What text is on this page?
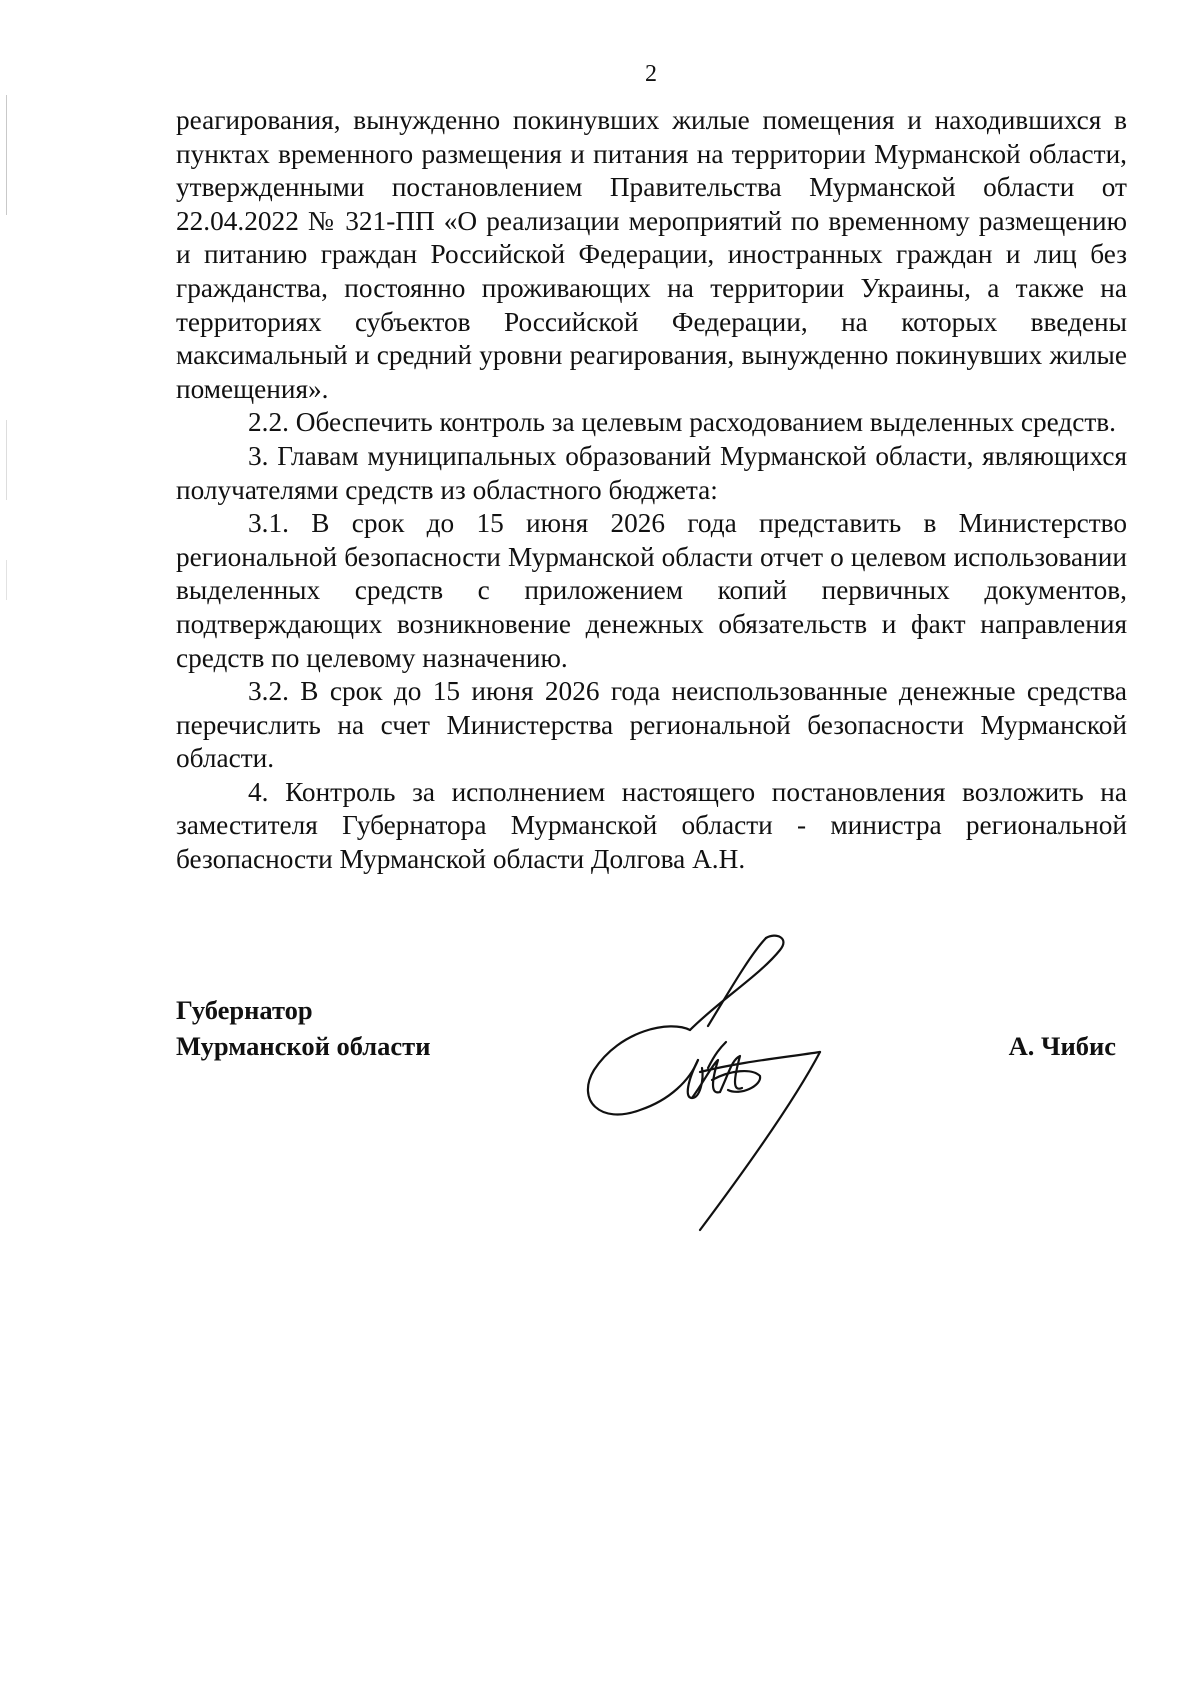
2

реагирования, вынужденно покинувших жилые помещения и находившихся в пунктах временного размещения и питания на территории Мурманской области, утвержденными постановлением Правительства Мурманской области от 22.04.2022 № 321-ПП «О реализации мероприятий по временному размещению и питанию граждан Российской Федерации, иностранных граждан и лиц без гражданства, постоянно проживающих на территории Украины, а также на территориях субъектов Российской Федерации, на которых введены максимальный и средний уровни реагирования, вынужденно покинувших жилые помещения».

2.2. Обеспечить контроль за целевым расходованием выделенных средств.

3. Главам муниципальных образований Мурманской области, являющихся получателями средств из областного бюджета:

3.1. В срок до 15 июня 2026 года представить в Министерство региональной безопасности Мурманской области отчет о целевом использовании выделенных средств с приложением копий первичных документов, подтверждающих возникновение денежных обязательств и факт направления средств по целевому назначению.

3.2. В срок до 15 июня 2026 года неиспользованные денежные средства перечислить на счет Министерства региональной безопасности Мурманской области.

4. Контроль за исполнением настоящего постановления возложить на заместителя Губернатора Мурманской области - министра региональной безопасности Мурманской области Долгова А.Н.

Губернатор
Мурманской области	А. Чибис
